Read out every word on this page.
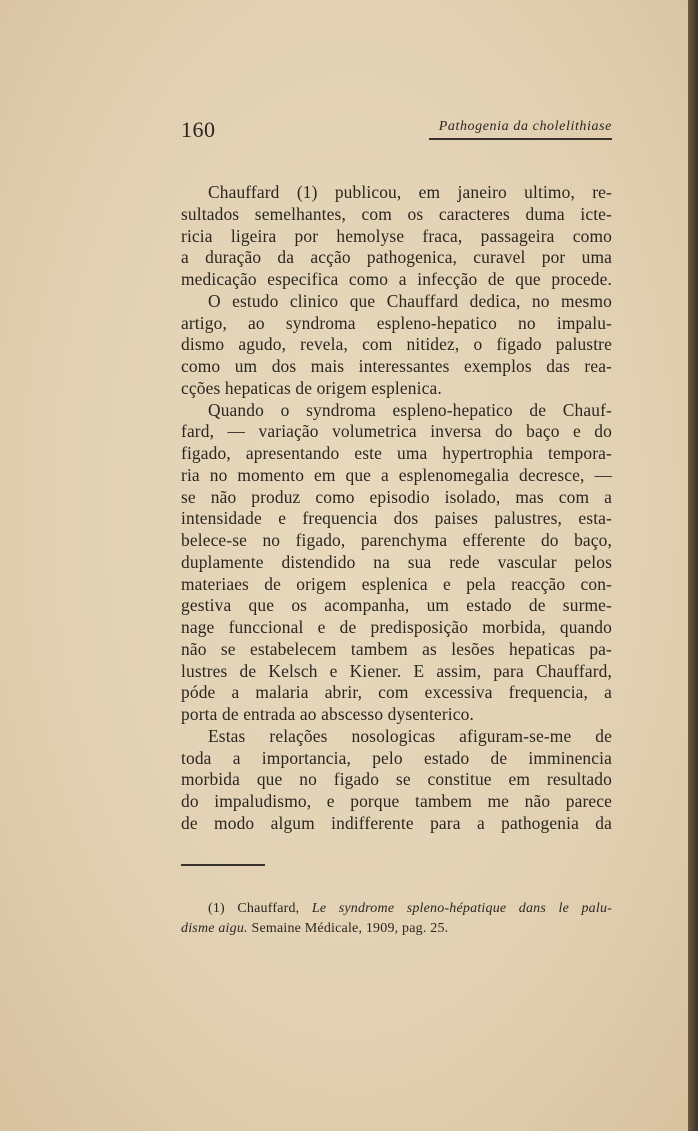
160	Pathogenia da cholelithiase
Chauffard (1) publicou, em janeiro ultimo, re-
sultados semelhantes, com os caracteres duma icte-
ricia ligeira por hemolyse fraca, passageira como
a duração da acção pathogenica, curavel por uma
medicação especifica como a infecção de que procede.
O estudo clinico que Chauffard dedica, no mesmo
artigo, ao syndroma espleno-hepatico no impalu-
dismo agudo, revela, com nitidez, o figado palustre
como um dos mais interessantes exemplos das rea-
cções hepaticas de origem esplenica.
Quando o syndroma espleno-hepatico de Chauf-
fard, — variação volumetrica inversa do baço e do
figado, apresentando este uma hypertrophia tempora-
ria no momento em que a esplenomegalia decresce, —
se não produz como episodio isolado, mas com a
intensidade e frequencia dos paises palustres, esta-
belece-se no figado, parenchyma efferente do baço,
duplamente distendido na sua rede vascular pelos
materiaes de origem esplenica e pela reacção con-
gestiva que os acompanha, um estado de surme-
nage funccional e de predisposição morbida, quando
não se estabelecem tambem as lesões hepaticas pa-
lustres de Kelsch e Kiener. E assim, para Chauffard,
póde a malaria abrir, com excessiva frequencia, a
porta de entrada ao abscesso dysenterico.
Estas relações nosologicas afiguram-se-me de
toda a importancia, pelo estado de imminencia
morbida que no figado se constitue em resultado
do impaludismo, e porque tambem me não parece
de modo algum indifferente para a pathogenia da
(1) Chauffard, Le syndrome spleno-hépatique dans le palu-
disme aigu. Semaine Médicale, 1909, pag. 25.
